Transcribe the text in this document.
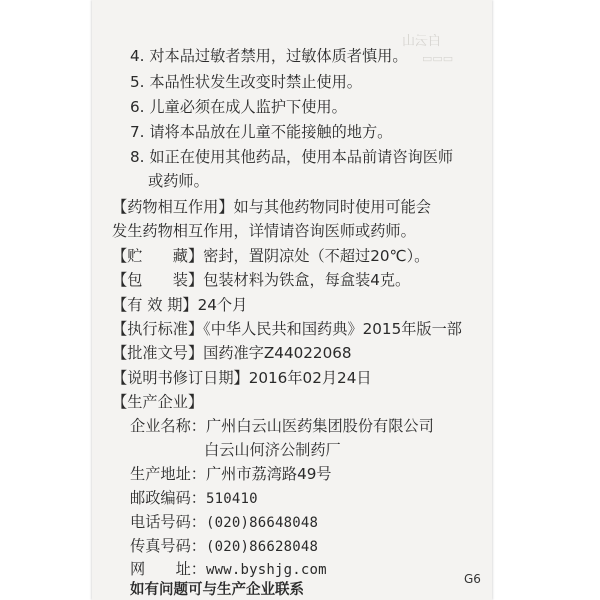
白云山
▭▭▭
4. 对本品过敏者禁用，过敏体质者慎用。
5. 本品性状发生改变时禁止使用。
6. 儿童必须在成人监护下使用。
7. 请将本品放在儿童不能接触的地方。
8. 如正在使用其他药品，使用本品前请咨询医师
或药师。
【药物相互作用】如与其他药物同时使用可能会
发生药物相互作用，详情请咨询医师或药师。
【贮　　藏】密封，置阴凉处（不超过20℃）。
【包　　装】包装材料为铁盒，每盒装4克。
【有 效 期】24个月
【执行标准】《中华人民共和国药典》2015年版一部
【批准文号】国药准字Z44022068
【说明书修订日期】2016年02月24日
【生产企业】
企业名称：广州白云山医药集团股份有限公司
白云山何济公制药厂
生产地址：广州市荔湾路49号
邮政编码：510410
电话号码：(020)86648048
传真号码：(020)86628048
网　　址：www.byshjg.com
如有问题可与生产企业联系
G6
